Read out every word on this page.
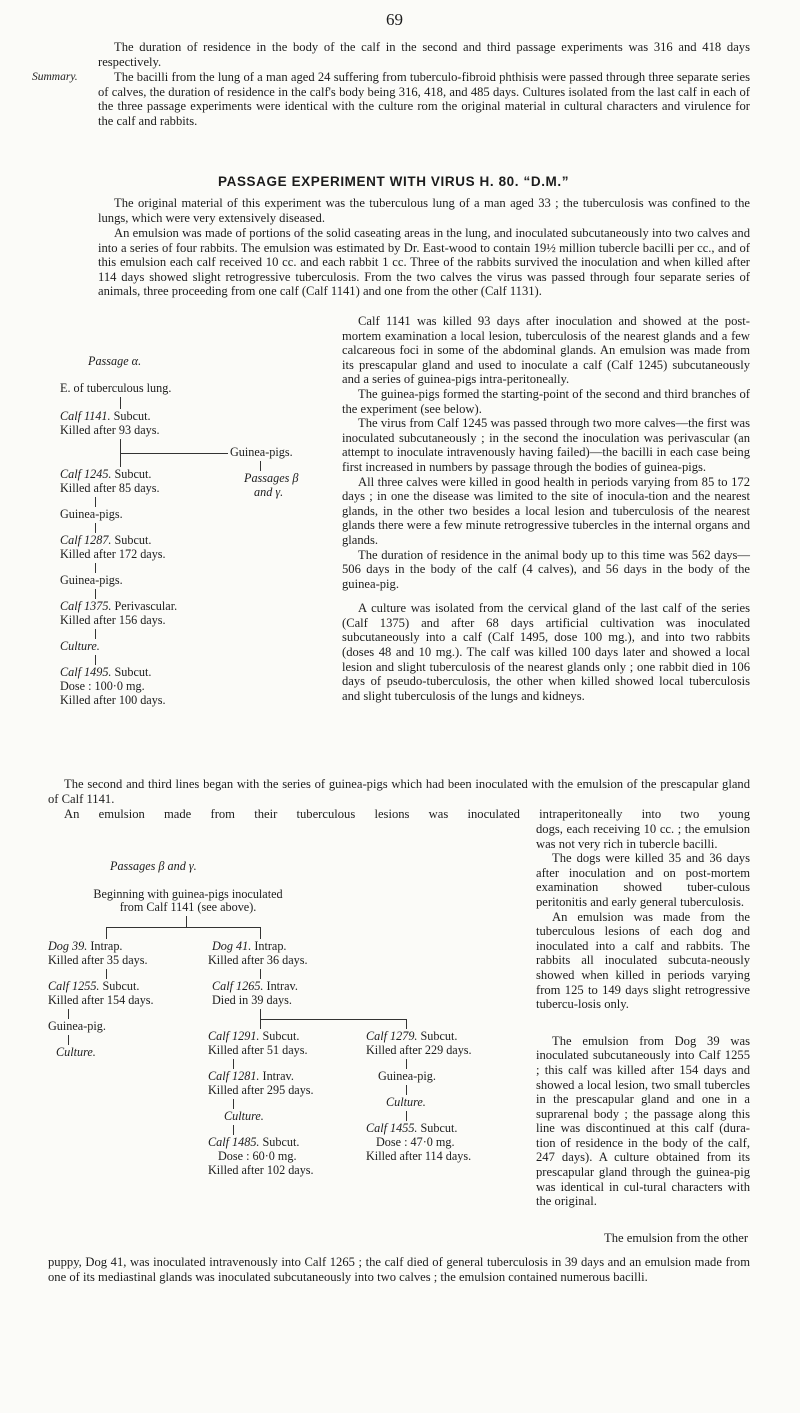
69

The duration of residence in the body of the calf in the second and third passage experiments was 316 and 418 days respectively.

Summary.	The bacilli from the lung of a man aged 24 suffering from tuberculo-fibroid phthisis were passed through three separate series of calves, the duration of residence in the calf's body being 316, 418, and 485 days. Cultures isolated from the last calf in each of the three passage experiments were identical with the culture rom the original material in cultural characters and virulence for the calf and rabbits.

PASSAGE EXPERIMENT WITH VIRUS H. 80. “D.M.”

The original material of this experiment was the tuberculous lung of a man aged 33 ; the tuberculosis was confined to the lungs, which were very extensively diseased.

An emulsion was made of portions of the solid caseating areas in the lung, and inoculated subcutaneously into two calves and into a series of four rabbits. The emulsion was estimated by Dr. East-wood to contain 19½ million tubercle bacilli per cc., and of this emulsion each calf received 10 cc. and each rabbit 1 cc. Three of the rabbits survived the inoculation and when killed after 114 days showed slight retrogressive tuberculosis. From the two calves the virus was passed through four separate series of animals, three proceeding from one calf (Calf 1141) and one from the other (Calf 1131).

Calf 1141 was killed 93 days after inoculation and showed at the post-mortem examination a local lesion, tuberculosis of the nearest glands and a few calcareous foci in some of the abdominal glands. An emulsion was made from its prescapular gland and used to inoculate a calf (Calf 1245) subcutaneously and a series of guinea-pigs intra-peritoneally.

The guinea-pigs formed the starting-point of the second and third branches of the experiment (see below).

The virus from Calf 1245 was passed through two more calves—the first was inoculated subcutaneously ; in the second the inoculation was perivascular (an attempt to inoculate intravenously having failed)—the bacilli in each case being first increased in numbers by passage through the bodies of guinea-pigs.

All three calves were killed in good health in periods varying from 85 to 172 days ; in one the disease was limited to the site of inocula-tion and the nearest glands, in the other two besides a local lesion and tuberculosis of the nearest glands there were a few minute retrogressive tubercles in the internal organs and glands.

The duration of residence in the animal body up to this time was 562 days—506 days in the body of the calf (4 calves), and 56 days in the body of the guinea-pig.

A culture was isolated from the cervical gland of the last calf of the series (Calf 1375) and after 68 days artificial cultivation was inoculated subcutaneously into a calf (Calf 1495, dose 100 mg.), and into two rabbits (doses 48 and 10 mg.). The calf was killed 100 days later and showed a local lesion and slight tuberculosis of the nearest glands only ; one rabbit died in 106 days of pseudo-tuberculosis, the other when killed showed local tuberculosis and slight tuberculosis of the lungs and kidneys.

Passage α.
E. of tuberculous lung.
Calf 1141. Subcut.
Killed after 93 days.
Guinea-pigs.
Passages β
and γ.
Calf 1245. Subcut.
Killed after 85 days.
Guinea-pigs.
Calf 1287. Subcut.
Killed after 172 days.
Guinea-pigs.
Calf 1375. Perivascular.
Killed after 156 days.
Culture.
Calf 1495. Subcut.
Dose : 100·0 mg.
Killed after 100 days.

The second and third lines began with the series of guinea-pigs which had been inoculated with the emulsion of the prescapular gland of Calf 1141.

An emulsion made from their tuberculous lesions was inoculated intraperitoneally into two young

dogs, each receiving 10 cc. ; the emulsion was not very rich in tubercle bacilli.

The dogs were killed 35 and 36 days after inoculation and on post-mortem examination showed tuber-culous peritonitis and early general tuberculosis.

An emulsion was made from the tuberculous lesions of each dog and inoculated into a calf and rabbits. The rabbits all inoculated subcuta-neously showed when killed in periods varying from 125 to 149 days slight retrogressive tubercu-losis only.

The emulsion from Dog 39 was inoculated subcutaneously into Calf 1255 ; this calf was killed after 154 days and showed a local lesion, two small tubercles in the prescapular gland and one in a suprarenal body ; the passage along this line was discontinued at this calf (dura-tion of residence in the body of the calf, 247 days). A culture obtained from its prescapular gland through the guinea-pig was identical in cul-tural characters with the original.

The emulsion from the other

Passages β and γ.
Beginning with guinea-pigs inoculated
from Calf 1141 (see above).
Dog 39. Intrap.
Killed after 35 days.
Calf 1255. Subcut.
Killed after 154 days.
Guinea-pig.
Culture.
Dog 41. Intrap.
Killed after 36 days.
Calf 1265. Intrav.
Died in 39 days.
Calf 1291. Subcut.
Killed after 51 days.
Calf 1281. Intrav.
Killed after 295 days.
Culture.
Calf 1485. Subcut.
Dose : 60·0 mg.
Killed after 102 days.
Calf 1279. Subcut.
Killed after 229 days.
Guinea-pig.
Culture.
Calf 1455. Subcut.
Dose : 47·0 mg.
Killed after 114 days.

puppy, Dog 41, was inoculated intravenously into Calf 1265 ; the calf died of general tuberculosis in 39 days and an emulsion made from one of its mediastinal glands was inoculated subcutaneously into two calves ; the emulsion contained numerous bacilli.
